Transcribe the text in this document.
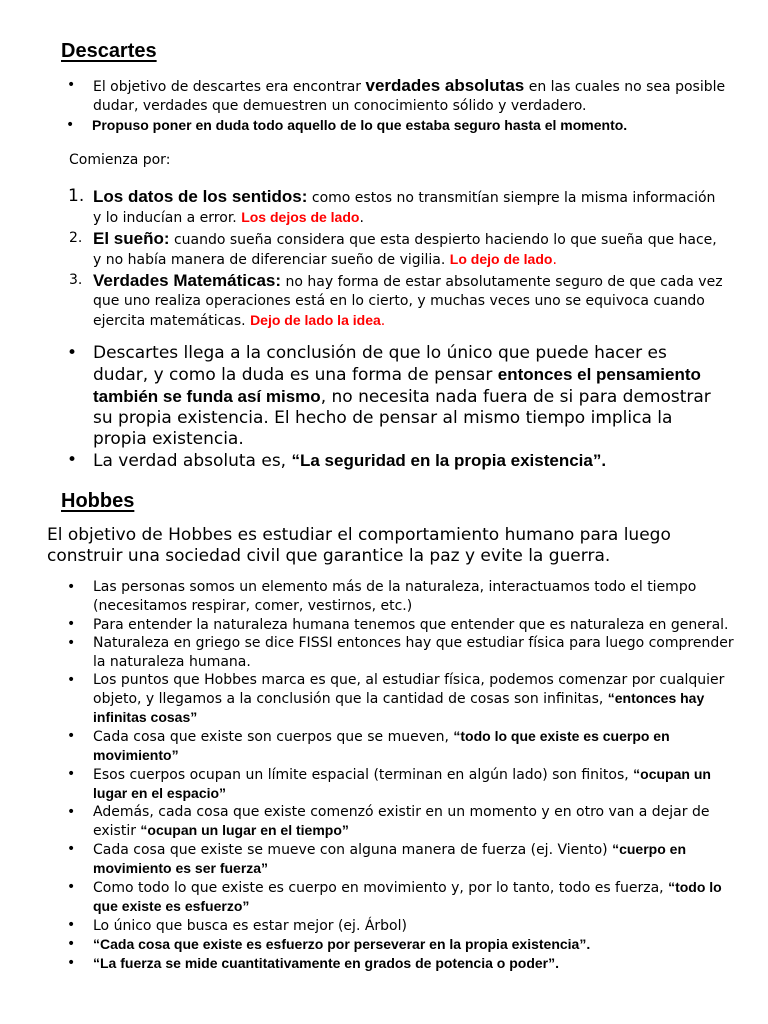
Descartes
• El objetivo de descartes era encontrar verdades absolutas en las cuales no sea posible dudar, verdades que demuestren un conocimiento sólido y verdadero.
• Propuso poner en duda todo aquello de lo que estaba seguro hasta el momento.
Comienza por:
1. Los datos de los sentidos: como estos no transmitían siempre la misma información y lo inducían a error. Los dejos de lado.
2. El sueño: cuando sueña considera que esta despierto haciendo lo que sueña que hace, y no había manera de diferenciar sueño de vigilia. Lo dejo de lado.
3. Verdades Matemáticas: no hay forma de estar absolutamente seguro de que cada vez que uno realiza operaciones está en lo cierto, y muchas veces uno se equivoca cuando ejercita matemáticas. Dejo de lado la idea.
• Descartes llega a la conclusión de que lo único que puede hacer es dudar, y como la duda es una forma de pensar entonces el pensamiento también se funda así mismo, no necesita nada fuera de si para demostrar su propia existencia. El hecho de pensar al mismo tiempo implica la propia existencia.
• La verdad absoluta es, “La seguridad en la propia existencia”.
Hobbes
El objetivo de Hobbes es estudiar el comportamiento humano para luego construir una sociedad civil que garantice la paz y evite la guerra.
• Las personas somos un elemento más de la naturaleza, interactuamos todo el tiempo (necesitamos respirar, comer, vestirnos, etc.)
• Para entender la naturaleza humana tenemos que entender que es naturaleza en general.
• Naturaleza en griego se dice FISSI entonces hay que estudiar física para luego comprender la naturaleza humana.
• Los puntos que Hobbes marca es que, al estudiar física, podemos comenzar por cualquier objeto, y llegamos a la conclusión que la cantidad de cosas son infinitas, “entonces hay infinitas cosas”
• Cada cosa que existe son cuerpos que se mueven, “todo lo que existe es cuerpo en movimiento”
• Esos cuerpos ocupan un límite espacial (terminan en algún lado) son finitos, “ocupan un lugar en el espacio”
• Además, cada cosa que existe comenzó existir en un momento y en otro van a dejar de existir “ocupan un lugar en el tiempo”
• Cada cosa que existe se mueve con alguna manera de fuerza (ej. Viento) “cuerpo en movimiento es ser fuerza”
• Como todo lo que existe es cuerpo en movimiento y, por lo tanto, todo es fuerza, “todo lo que existe es esfuerzo”
• Lo único que busca es estar mejor (ej. Árbol)
• “Cada cosa que existe es esfuerzo por perseverar en la propia existencia”.
• “La fuerza se mide cuantitativamente en grados de potencia o poder”.
